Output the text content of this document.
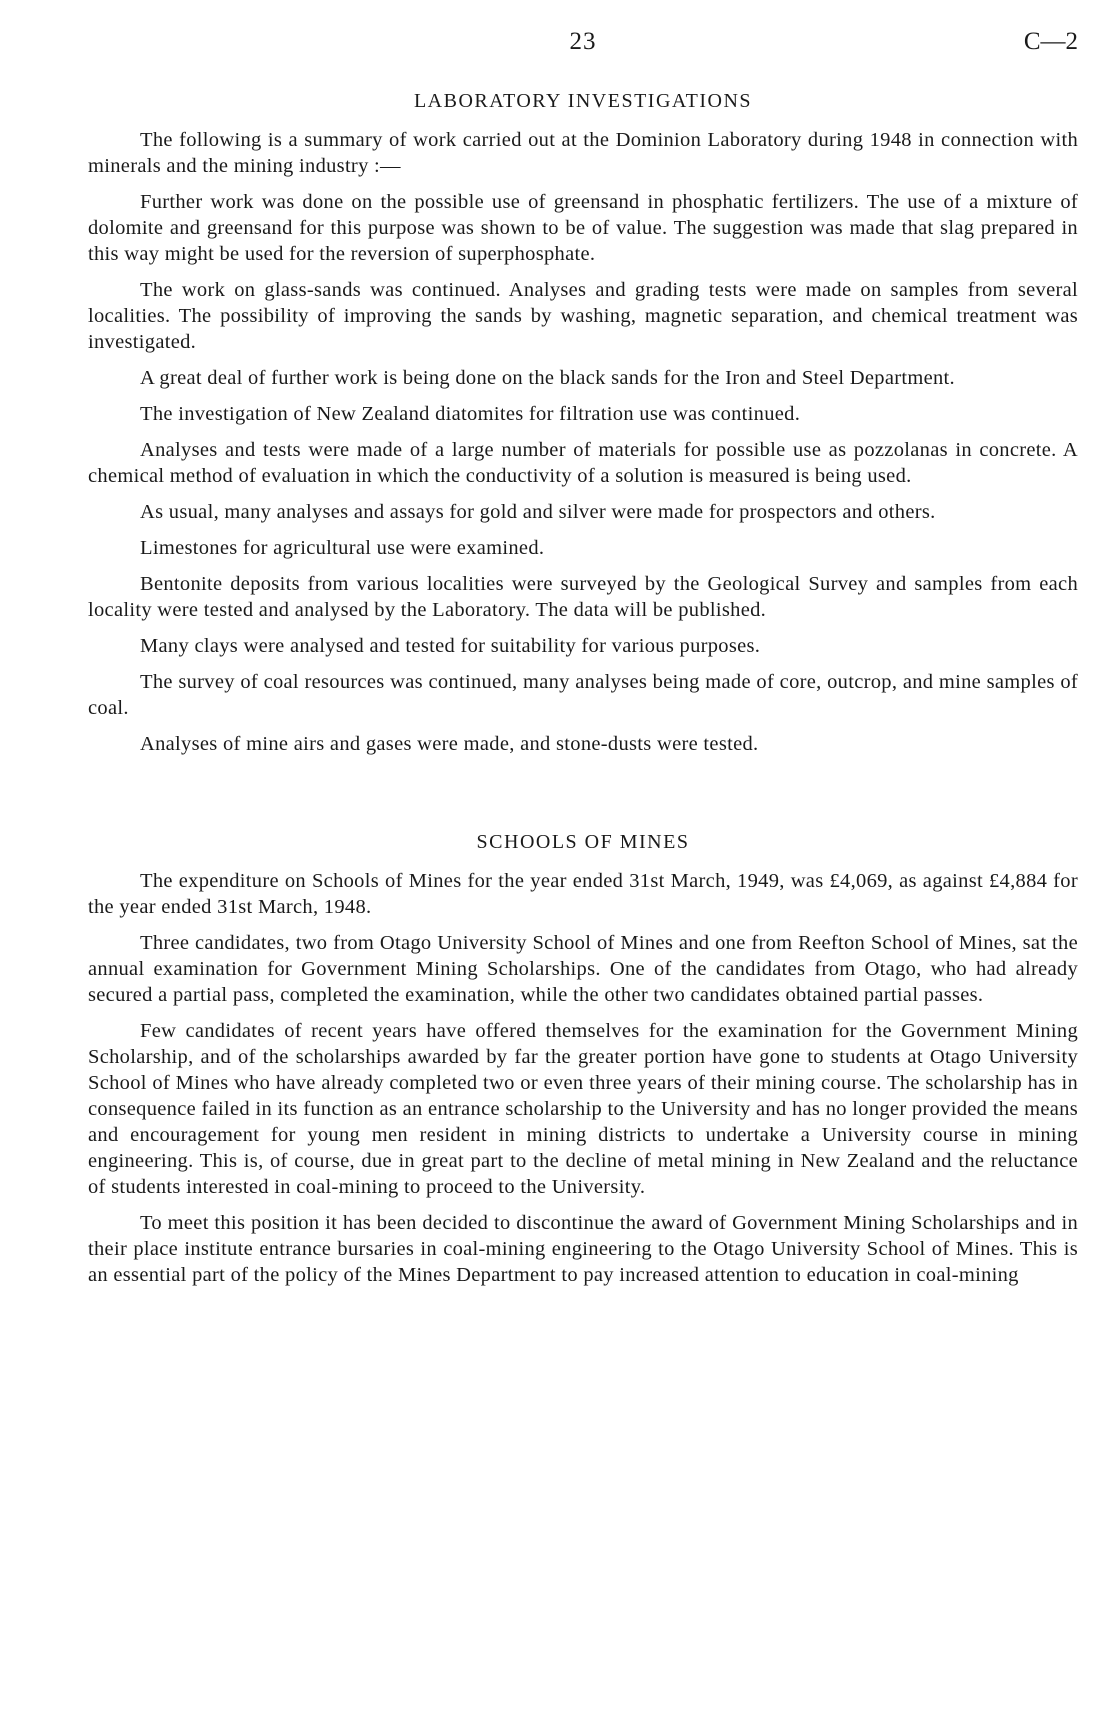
23	C—2
LABORATORY INVESTIGATIONS

The following is a summary of work carried out at the Dominion Laboratory during 1948 in connection with minerals and the mining industry :—

Further work was done on the possible use of greensand in phosphatic fertilizers. The use of a mixture of dolomite and greensand for this purpose was shown to be of value. The suggestion was made that slag prepared in this way might be used for the reversion of superphosphate.

The work on glass-sands was continued. Analyses and grading tests were made on samples from several localities. The possibility of improving the sands by washing, magnetic separation, and chemical treatment was investigated.

A great deal of further work is being done on the black sands for the Iron and Steel Department.

The investigation of New Zealand diatomites for filtration use was continued.

Analyses and tests were made of a large number of materials for possible use as pozzolanas in concrete. A chemical method of evaluation in which the conductivity of a solution is measured is being used.

As usual, many analyses and assays for gold and silver were made for prospectors and others.

Limestones for agricultural use were examined.

Bentonite deposits from various localities were surveyed by the Geological Survey and samples from each locality were tested and analysed by the Laboratory. The data will be published.

Many clays were analysed and tested for suitability for various purposes.

The survey of coal resources was continued, many analyses being made of core, outcrop, and mine samples of coal.

Analyses of mine airs and gases were made, and stone-dusts were tested.

SCHOOLS OF MINES

The expenditure on Schools of Mines for the year ended 31st March, 1949, was £4,069, as against £4,884 for the year ended 31st March, 1948.

Three candidates, two from Otago University School of Mines and one from Reefton School of Mines, sat the annual examination for Government Mining Scholarships. One of the candidates from Otago, who had already secured a partial pass, completed the examination, while the other two candidates obtained partial passes.

Few candidates of recent years have offered themselves for the examination for the Government Mining Scholarship, and of the scholarships awarded by far the greater portion have gone to students at Otago University School of Mines who have already completed two or even three years of their mining course. The scholarship has in consequence failed in its function as an entrance scholarship to the University and has no longer provided the means and encouragement for young men resident in mining districts to undertake a University course in mining engineering. This is, of course, due in great part to the decline of metal mining in New Zealand and the reluctance of students interested in coal-mining to proceed to the University.

To meet this position it has been decided to discontinue the award of Government Mining Scholarships and in their place institute entrance bursaries in coal-mining engineering to the Otago University School of Mines. This is an essential part of the policy of the Mines Department to pay increased attention to education in coal-mining
